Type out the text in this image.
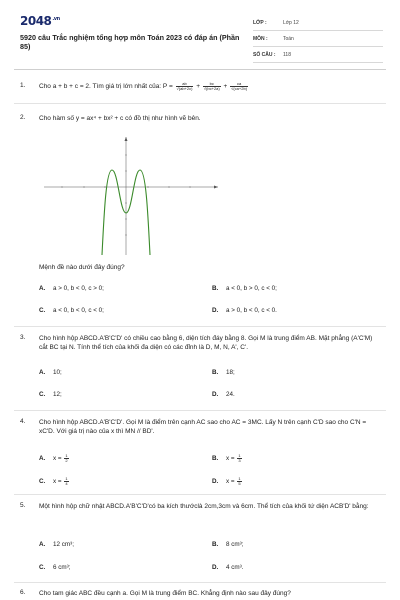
$2048^{.vn}$
5920 câu Trắc nghiệm tổng hợp môn Toán 2023 có đáp án (Phần 85)
LỚP :	Lớp 12
MÔN :	Toán
SỐ CÂU :	118
1.	Cho a + b + c = 2. Tìm giá trị lớn nhất của: $P = \frac{ab}{√(ab+2c)} + \frac{bc}{√(bc+2a)} + \frac{ca}{√(ca+2b)}$
2.	Cho hàm số y = ax⁴ + bx² + c có đồ thị như hình vẽ bên.
Mệnh đề nào dưới đây đúng?
A. a > 0, b < 0, c > 0;	B. a < 0, b > 0, c < 0;
C. a < 0, b < 0, c < 0;	D. a > 0, b < 0, c < 0.
3.	Cho hình hộp ABCD.A'B'C'D' có chiều cao bằng 6, diện tích đáy bằng 8. Gọi M là trung điểm AB. Mặt phẳng (A'C'M) cắt BC tại N. Tính thể tích của khối đa diện có các đỉnh là D, M, N, A', C'.
A. 10;	B. 18;
C. 12;	D. 24.
4.	Cho hình hộp ABCD.A'B'C'D'. Gọi M là điểm trên cạnh AC sao cho AC = 3MC. Lấy N trên cạnh C'D sao cho C'N = xC'D. Với giá trị nào của x thì MN // BD'.
A. $x = \frac{1}{2}$	B. $x = \frac{1}{3}$
C. $x = \frac{1}{4}$	D. $x = \frac{1}{5}$
5.	Một hình hộp chữ nhật ABCD.A'B'C'D'có ba kích thướclà 2cm,3cm và 6cm. Thể tích của khối tứ diện ACB'D' bằng:
A. 12 cm³;	B. 8 cm³;
C. 6 cm³;	D. 4 cm³.
6.	Cho tam giác ABC đều cạnh a. Gọi M là trung điểm BC. Khẳng định nào sau đây đúng?
